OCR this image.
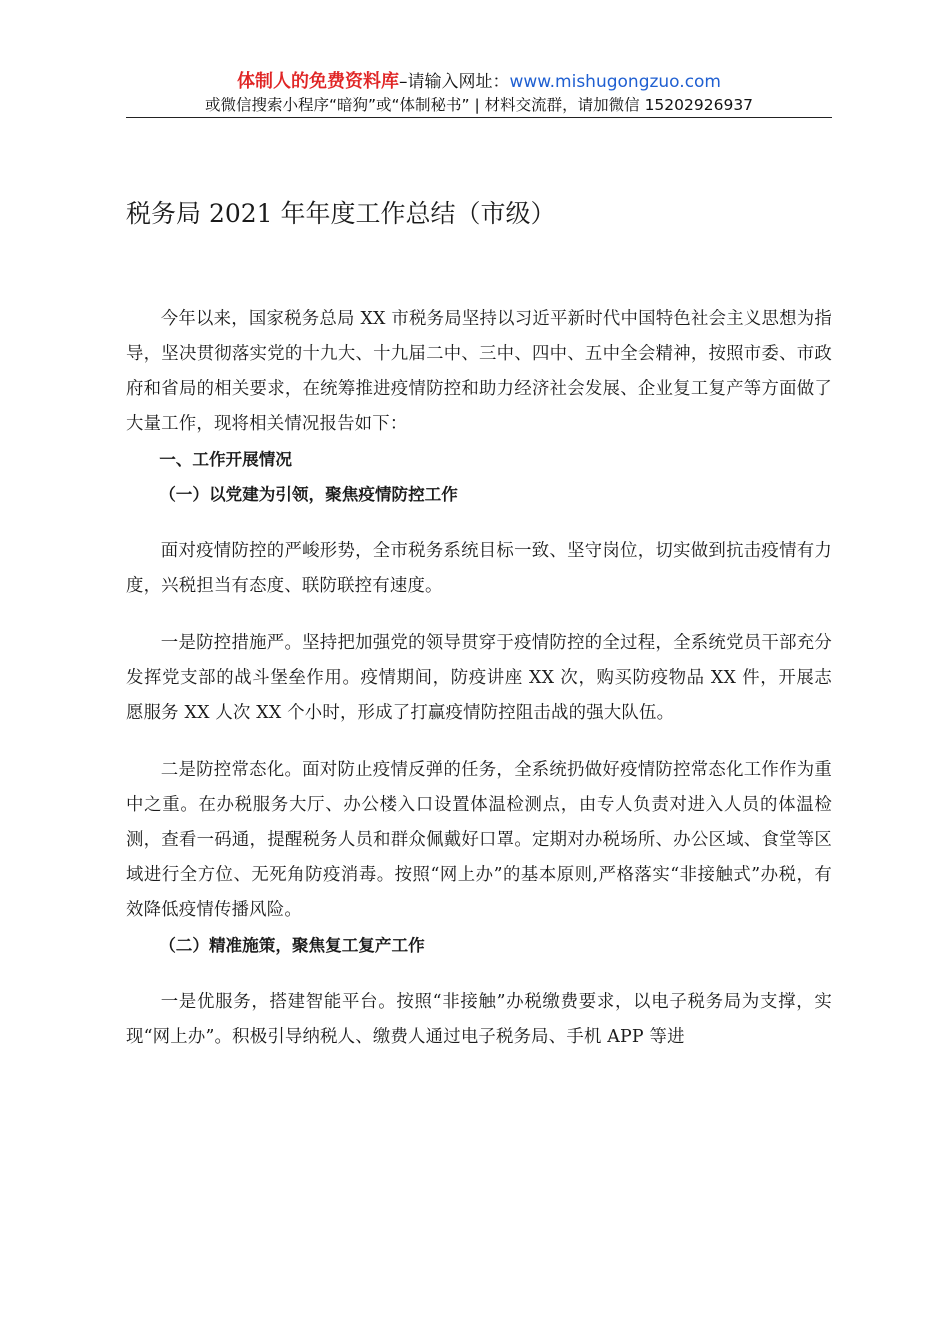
体制人的免费资料库–请输入网址：www.mishugongzuo.com
或微信搜索小程序“暗狗”或“体制秘书” | 材料交流群，请加微信 15202926937
税务局 2021 年年度工作总结（市级）

今年以来，国家税务总局 XX 市税务局坚持以习近平新时代中国特色社会主义思想为指导，坚决贯彻落实党的十九大、十九届二中、三中、四中、五中全会精神，按照市委、市政府和省局的相关要求，在统筹推进疫情防控和助力经济社会发展、企业复工复产等方面做了大量工作，现将相关情况报告如下：

一、工作开展情况

（一）以党建为引领，聚焦疫情防控工作

面对疫情防控的严峻形势，全市税务系统目标一致、坚守岗位，切实做到抗击疫情有力度，兴税担当有态度、联防联控有速度。

一是防控措施严。坚持把加强党的领导贯穿于疫情防控的全过程，全系统党员干部充分发挥党支部的战斗堡垒作用。疫情期间，防疫讲座 XX 次，购买防疫物品 XX 件，开展志愿服务 XX 人次 XX 个小时，形成了打赢疫情防控阻击战的强大队伍。

二是防控常态化。面对防止疫情反弹的任务，全系统扔做好疫情防控常态化工作作为重中之重。在办税服务大厅、办公楼入口设置体温检测点，由专人负责对进入人员的体温检测，查看一码通，提醒税务人员和群众佩戴好口罩。定期对办税场所、办公区域、食堂等区域进行全方位、无死角防疫消毒。按照“网上办”的基本原则,严格落实“非接触式”办税，有效降低疫情传播风险。

（二）精准施策，聚焦复工复产工作

一是优服务，搭建智能平台。按照“非接触”办税缴费要求，以电子税务局为支撑，实现“网上办”。积极引导纳税人、缴费人通过电子税务局、手机 APP 等进
